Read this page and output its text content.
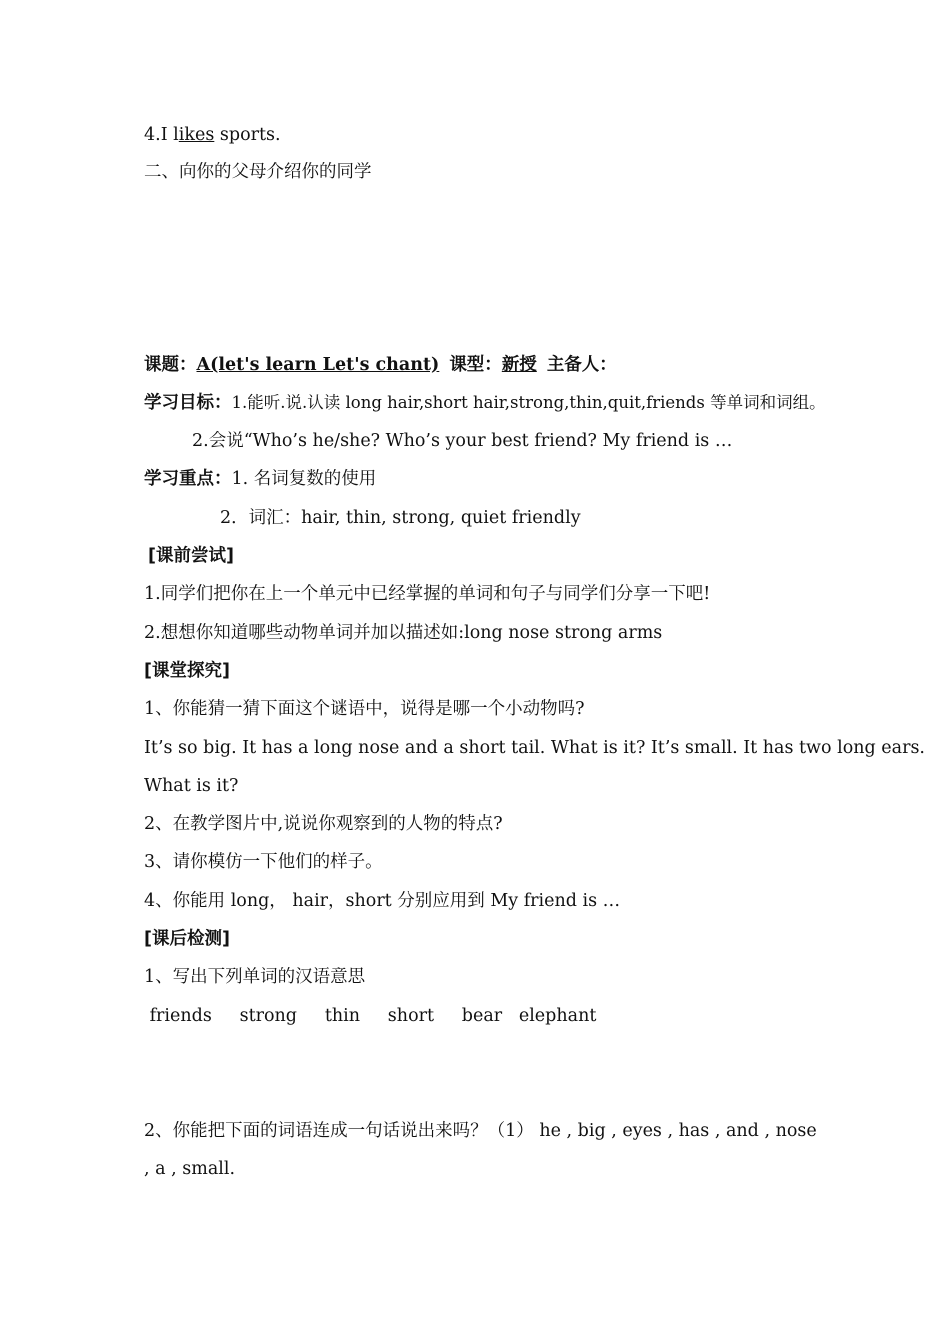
4.I likes sports.
二、向你的父母介绍你的同学
课题：A(let's learn Let's chant) 课型：新授 主备人：
学习目标：1.能听.说.认读 long hair,short hair,strong,thin,quit,friends 等单词和词组。
2.会说“Who’s he/she? Who’s your best friend? My friend is …
学习重点：1. 名词复数的使用
2．词汇：hair, thin, strong, quiet friendly
[课前尝试]
1.同学们把你在上一个单元中已经掌握的单词和句子与同学们分享一下吧!
2.想想你知道哪些动物单词并加以描述如:long nose strong arms
[课堂探究]
1、你能猜一猜下面这个谜语中，说得是哪一个小动物吗?
It’s so big. It has a long nose and a short tail. What is it? It’s small. It has two long ears.
What is it?
2、在教学图片中,说说你观察到的人物的特点?
3、请你模仿一下他们的样子。
4、你能用 long， hair，short 分别应用到 My friend is …
[课后检测]
1、写出下列单词的汉语意思
friends     strong     thin     short     bear   elephant
2、你能把下面的词语连成一句话说出来吗？（1） he , big , eyes , has , and , nose
, a , small.
